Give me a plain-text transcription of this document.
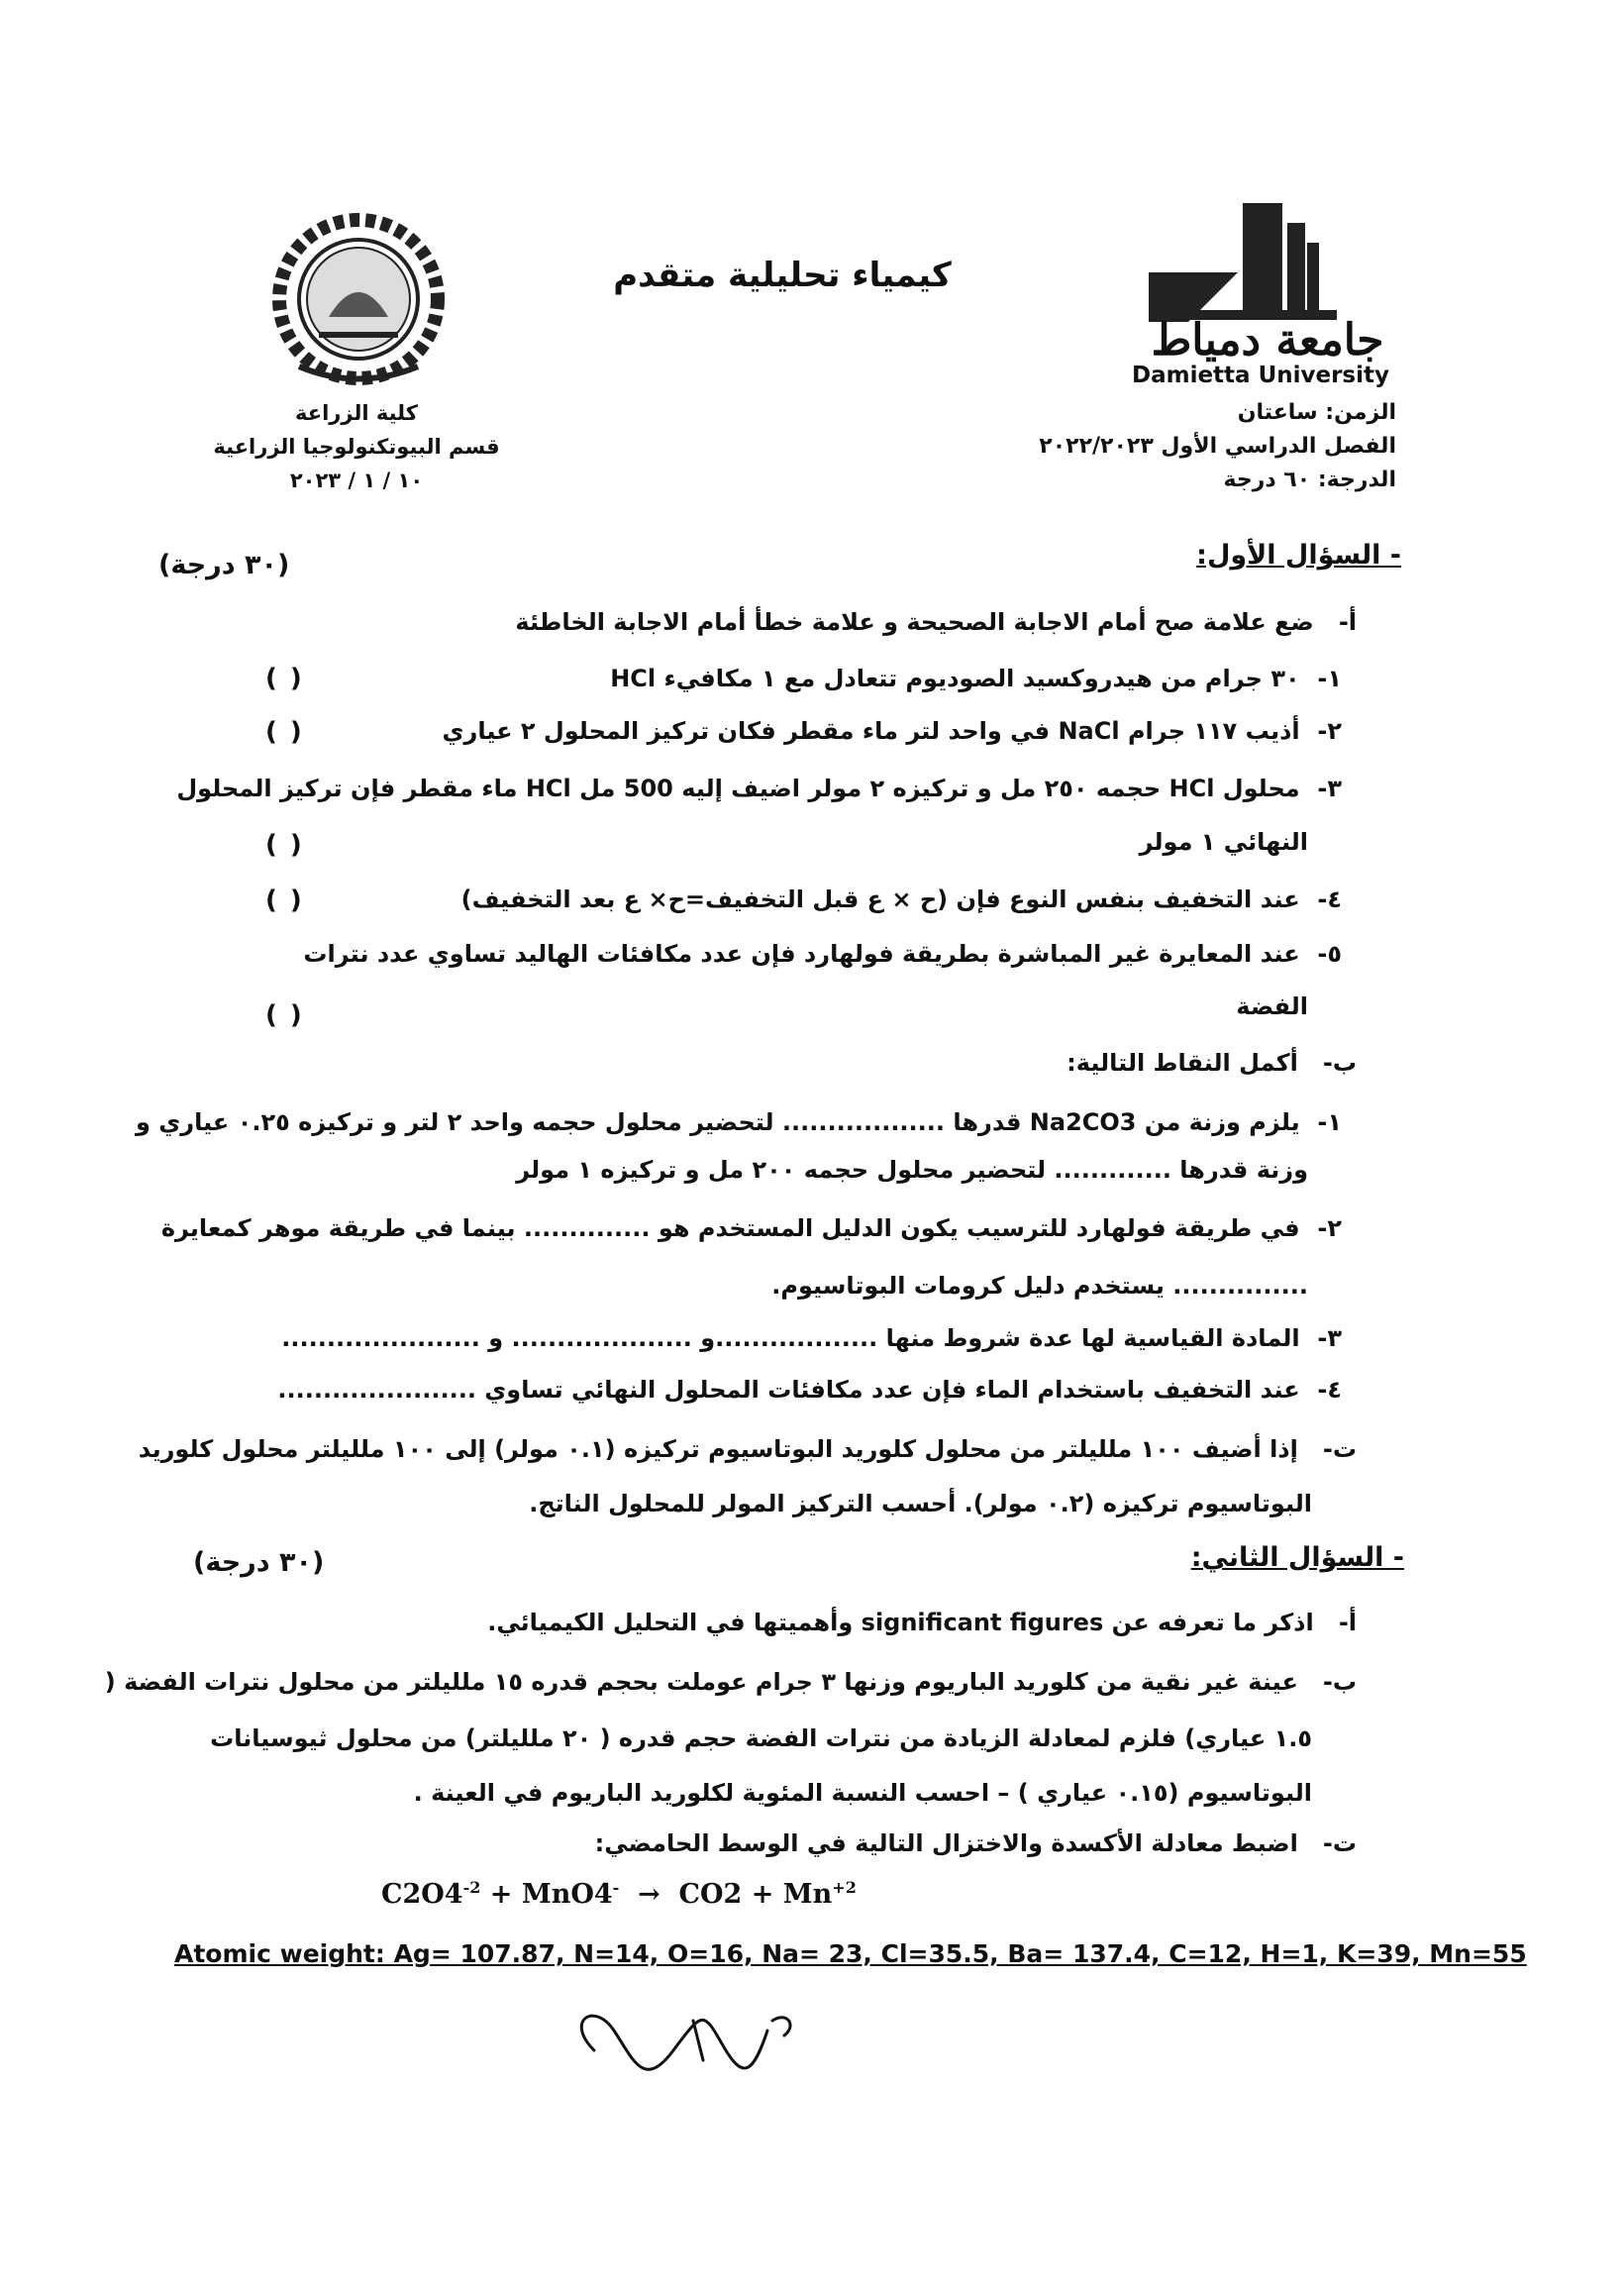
جامعة دمياط
Damietta University
الزمن: ساعتان
الفصل الدراسي الأول ٢٠٢٢/٢٠٢٣
الدرجة: ٦٠ درجة
كيمياء تحليلية متقدم
كلية الزراعة
قسم البيوتكنولوجيا الزراعية
١٠ / ١ / ٢٠٢٣
- السؤال الأول:
(٣٠ درجة)
أ-   ضع علامة صح أمام الاجابة الصحيحة و علامة خطأ أمام الاجابة الخاطئة
١- ٣٠ جرام من هيدروكسيد الصوديوم تتعادل مع ١ مكافيء HCl
( )
٢- أذيب ١١٧ جرام NaCl في واحد لتر ماء مقطر فكان تركيز المحلول ٢ عياري
( )
٣- محلول HCl حجمه ٢٥٠ مل و تركيزه ٢ مولر اضيف إليه 500 مل HCl ماء مقطر فإن تركيز المحلول
النهائي ١ مولر
( )
٤- عند التخفيف بنفس النوع فإن (ح × ع قبل التخفيف=ح× ع بعد التخفيف)
( )
٥- عند المعايرة غير المباشرة بطريقة فولهارد فإن عدد مكافئات الهاليد تساوي عدد نترات
الفضة
( )
ب-   أكمل النقاط التالية:
١- يلزم وزنة من Na2CO3 قدرها .................. لتحضير محلول حجمه واحد ٢ لتر و تركيزه ٠.٢٥ عياري و
وزنة قدرها ............. لتحضير محلول حجمه ٢٠٠ مل و تركيزه ١ مولر
٢- في طريقة فولهارد للترسيب يكون الدليل المستخدم هو .............. بينما في طريقة موهر كمعايرة
............... يستخدم دليل كرومات البوتاسيوم.
٣- المادة القياسية لها عدة شروط منها ..................و .................... و ......................
٤- عند التخفيف باستخدام الماء فإن عدد مكافئات المحلول النهائي تساوي ......................
ت-   إذا أضيف ١٠٠ ملليلتر من محلول كلوريد البوتاسيوم تركيزه (٠.١ مولر) إلى ١٠٠ ملليلتر محلول كلوريد
البوتاسيوم تركيزه (٠.٢ مولر). أحسب التركيز المولر للمحلول الناتج.
- السؤال الثاني:
(٣٠ درجة)
أ-   اذكر ما تعرفه عن significant figures وأهميتها في التحليل الكيميائي.
ب-   عينة غير نقية من كلوريد الباريوم وزنها ٣ جرام عوملت بحجم قدره ١٥ ملليلتر من محلول نترات الفضة (
١.٥ عياري) فلزم لمعادلة الزيادة من نترات الفضة حجم قدره ( ٢٠ ملليلتر) من محلول ثيوسيانات
البوتاسيوم (٠.١٥ عياري ) – احسب النسبة المئوية لكلوريد الباريوم في العينة .
ت-   اضبط معادلة الأكسدة والاختزال التالية في الوسط الحامضي:
$C2O4^{-2} + MnO4^- \to CO2 + Mn^{+2}$
Atomic weight: Ag= 107.87, N=14, O=16, Na= 23, Cl=35.5, Ba= 137.4, C=12, H=1, K=39, Mn=55
